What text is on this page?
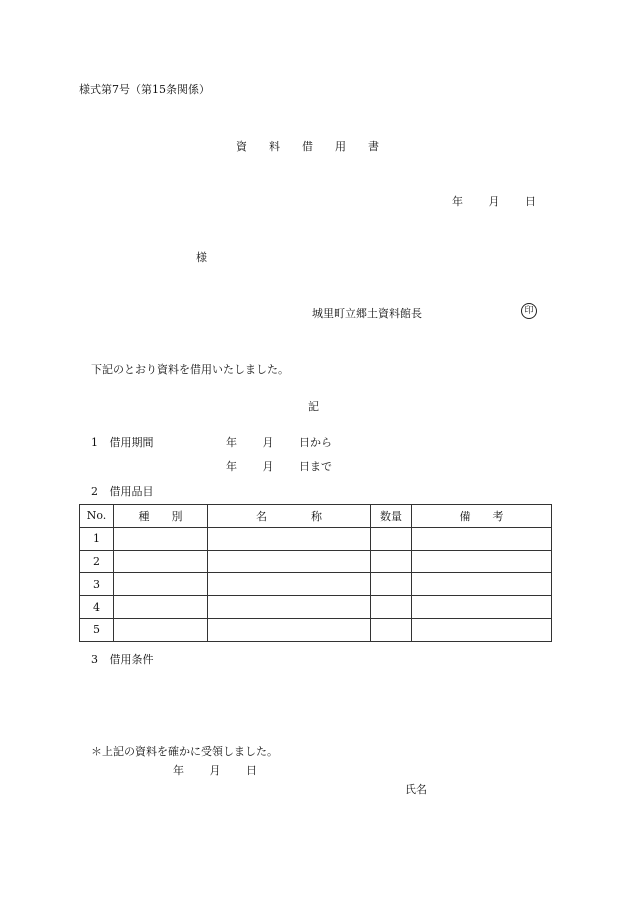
様式第7号（第15条関係）
資　　料　　借　　用　　書
年 月 日
様
城里町立郷土資料館長	印
下記のとおり資料を借用いたしました。
記
1 借用期間	年 月 日から
年 月 日まで
2 借用品目
No.	種　　別	名　　　　称	数量	備　　考
1				
2				
3				
4				
5				
3 借用条件
＊上記の資料を確かに受領しました。
年 月 日
氏名
